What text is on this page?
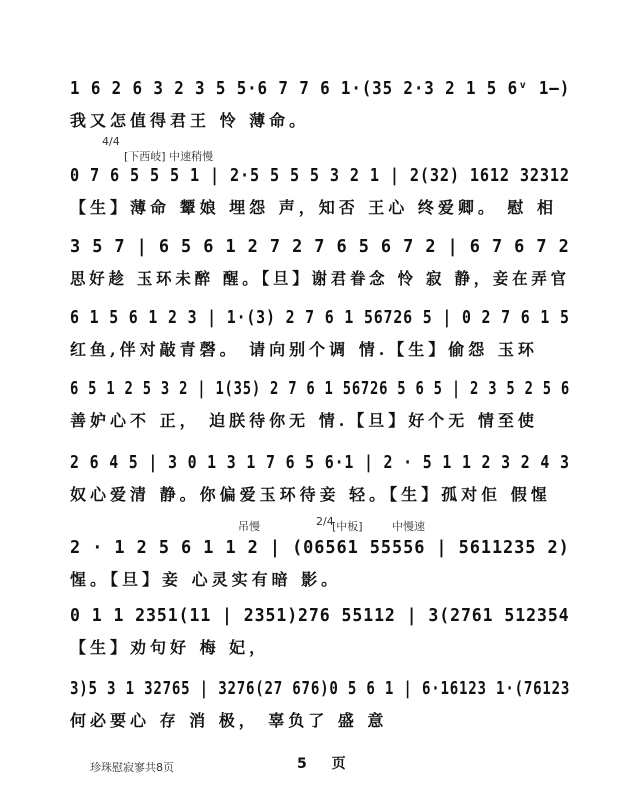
1 6 2 6 3 2 3 5 5·6 7 7 6 1·(35 2·3 2 1 5 6ᵛ 1—)
我又怎值得君王 怜 薄命。
4/4
[下西岐] 中速稍慢
0 7 6 5 5 5 1 | 2·5 5 5 5 3 2 1 | 2(32) 1612 32312
【生】薄命 颦娘 埋怨 声，知否 王心 终爱卿。 慰 相
3 5 7 | 6 5 6 1 2 7 2 7 6 5 6 7 2 | 6 7 6 7 2
思好趁 玉环未醉 醒。【旦】谢君眷念 怜 寂 静，妾在弄官
6 1 5 6 1 2 3 | 1·(3) 2 7 6 1 56726 5 | 0 2 7 6 1 5
红鱼,伴对敲青磬。 请向别个调 情.【生】偷怨 玉环
6 5 1 2 5 3 2 | 1(35) 2 7 6 1 56726 5 6 5 | 2 3 5 2 5 6
善妒心不 正， 迫朕待你无 情.【旦】好个无 情至使
2 6 4 5 | 3 0 1 3 1 7 6 5 6·1 | 2 · 5 1 1 2 3 2 4 3
奴心爱清 静。你偏爱玉环待妾 轻。【生】孤对佢 假惺
吊慢	2/4
[中板]	中慢速
2 · 1 2 5 6 1 1 2 | (06561 55556 | 5611235 2)
惺。【旦】妾 心灵实有暗 影。
0 1 1 2351(11 | 2351)276 55112 | 3(2761 512354
【生】劝句好 梅 妃，
3)5 3 1 32765 | 3276(27 676)0 5 6 1 | 6·16123 1·(76123
何必要心 存 消 极， 辜负了 盛 意
珍珠慰寂寥共8页	5 页
